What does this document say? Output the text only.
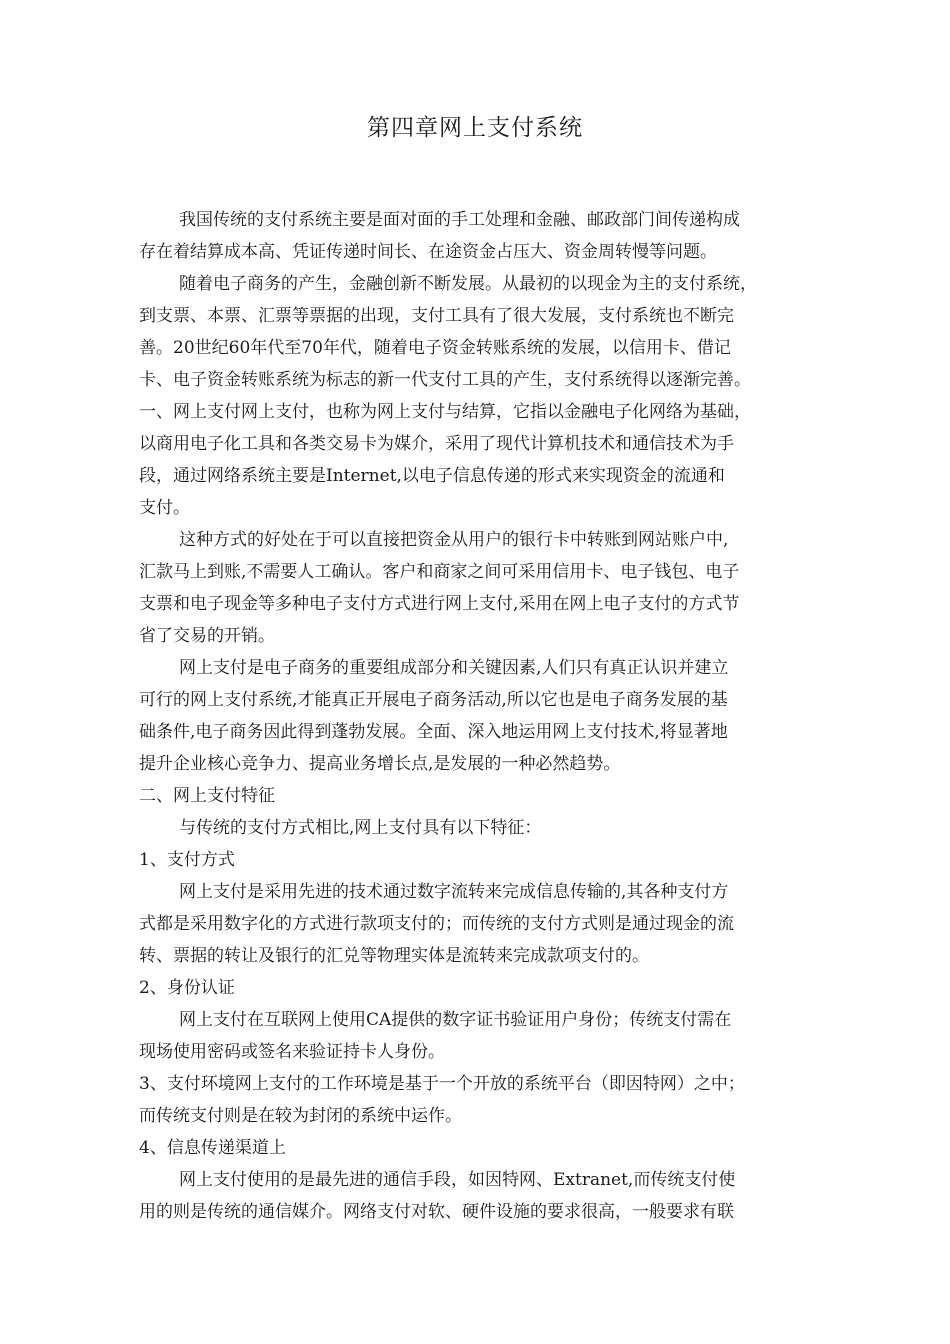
第四章网上支付系统
我国传统的支付系统主要是面对面的手工处理和金融、邮政部门间传递构成
存在着结算成本高、凭证传递时间长、在途资金占压大、资金周转慢等问题。
随着电子商务的产生，金融创新不断发展。从最初的以现金为主的支付系统，
到支票、本票、汇票等票据的出现，支付工具有了很大发展，支付系统也不断完
善。20世纪60年代至70年代，随着电子资金转账系统的发展，以信用卡、借记
卡、电子资金转账系统为标志的新一代支付工具的产生，支付系统得以逐渐完善。
一、网上支付网上支付，也称为网上支付与结算，它指以金融电子化网络为基础，
以商用电子化工具和各类交易卡为媒介，采用了现代计算机技术和通信技术为手
段，通过网络系统主要是Internet,以电子信息传递的形式来实现资金的流通和
支付。
这种方式的好处在于可以直接把资金从用户的银行卡中转账到网站账户中,
汇款马上到账,不需要人工确认。客户和商家之间可采用信用卡、电子钱包、电子
支票和电子现金等多种电子支付方式进行网上支付,采用在网上电子支付的方式节
省了交易的开销。
网上支付是电子商务的重要组成部分和关键因素,人们只有真正认识并建立
可行的网上支付系统,才能真正开展电子商务活动,所以它也是电子商务发展的基
础条件,电子商务因此得到蓬勃发展。全面、深入地运用网上支付技术,将显著地
提升企业核心竞争力、提高业务增长点,是发展的一种必然趋势。
二、网上支付特征
与传统的支付方式相比,网上支付具有以下特征：
1、支付方式
网上支付是采用先进的技术通过数字流转来完成信息传输的,其各种支付方
式都是采用数字化的方式进行款项支付的；而传统的支付方式则是通过现金的流
转、票据的转让及银行的汇兑等物理实体是流转来完成款项支付的。
2、身份认证
网上支付在互联网上使用CA提供的数字证书验证用户身份；传统支付需在
现场使用密码或签名来验证持卡人身份。
3、支付环境网上支付的工作环境是基于一个开放的系统平台（即因特网）之中；
而传统支付则是在较为封闭的系统中运作。
4、信息传递渠道上
网上支付使用的是最先进的通信手段，如因特网、Extranet,而传统支付使
用的则是传统的通信媒介。网络支付对软、硬件设施的要求很高，一般要求有联
